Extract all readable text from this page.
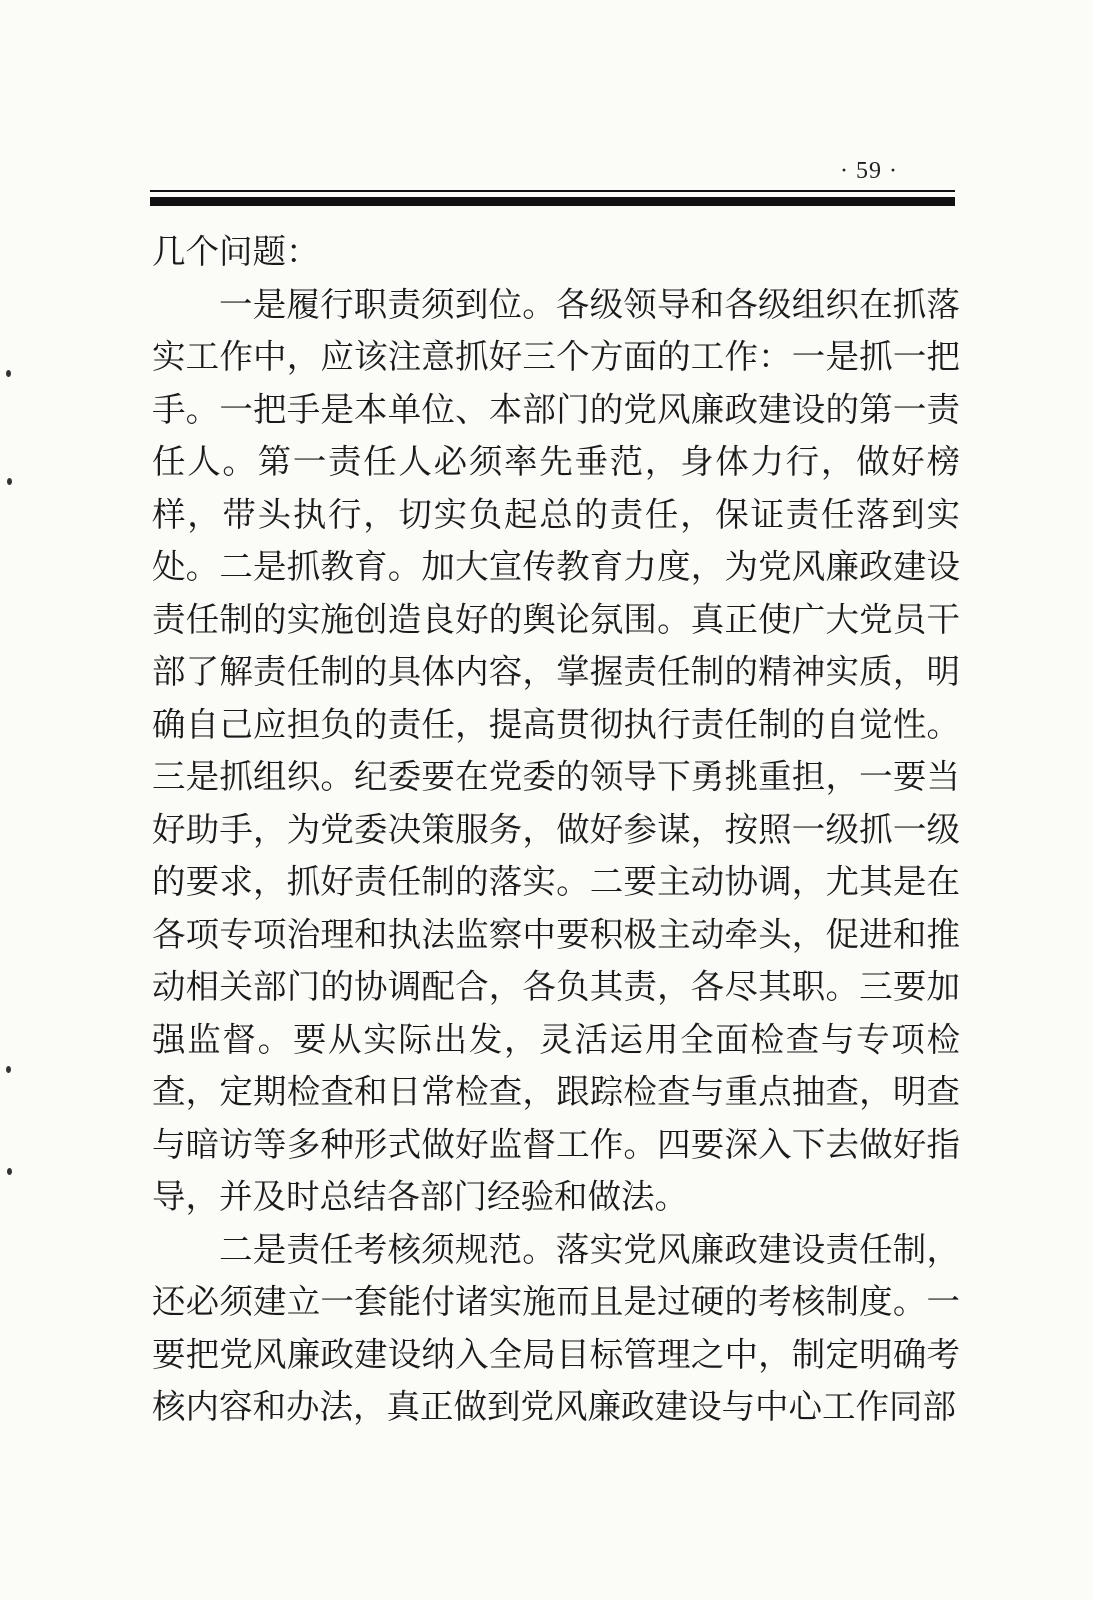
· 59 ·

几个问题：

一是履行职责须到位。各级领导和各级组织在抓落实工作中，应该注意抓好三个方面的工作：一是抓一把手。一把手是本单位、本部门的党风廉政建设的第一责任人。第一责任人必须率先垂范，身体力行，做好榜样，带头执行，切实负起总的责任，保证责任落到实处。二是抓教育。加大宣传教育力度，为党风廉政建设责任制的实施创造良好的舆论氛围。真正使广大党员干部了解责任制的具体内容，掌握责任制的精神实质，明确自己应担负的责任，提高贯彻执行责任制的自觉性。三是抓组织。纪委要在党委的领导下勇挑重担，一要当好助手，为党委决策服务，做好参谋，按照一级抓一级的要求，抓好责任制的落实。二要主动协调，尤其是在各项专项治理和执法监察中要积极主动牵头，促进和推动相关部门的协调配合，各负其责，各尽其职。三要加强监督。要从实际出发，灵活运用全面检查与专项检查，定期检查和日常检查，跟踪检查与重点抽查，明查与暗访等多种形式做好监督工作。四要深入下去做好指导，并及时总结各部门经验和做法。

二是责任考核须规范。落实党风廉政建设责任制，还必须建立一套能付诸实施而且是过硬的考核制度。一要把党风廉政建设纳入全局目标管理之中，制定明确考核内容和办法，真正做到党风廉政建设与中心工作同部
